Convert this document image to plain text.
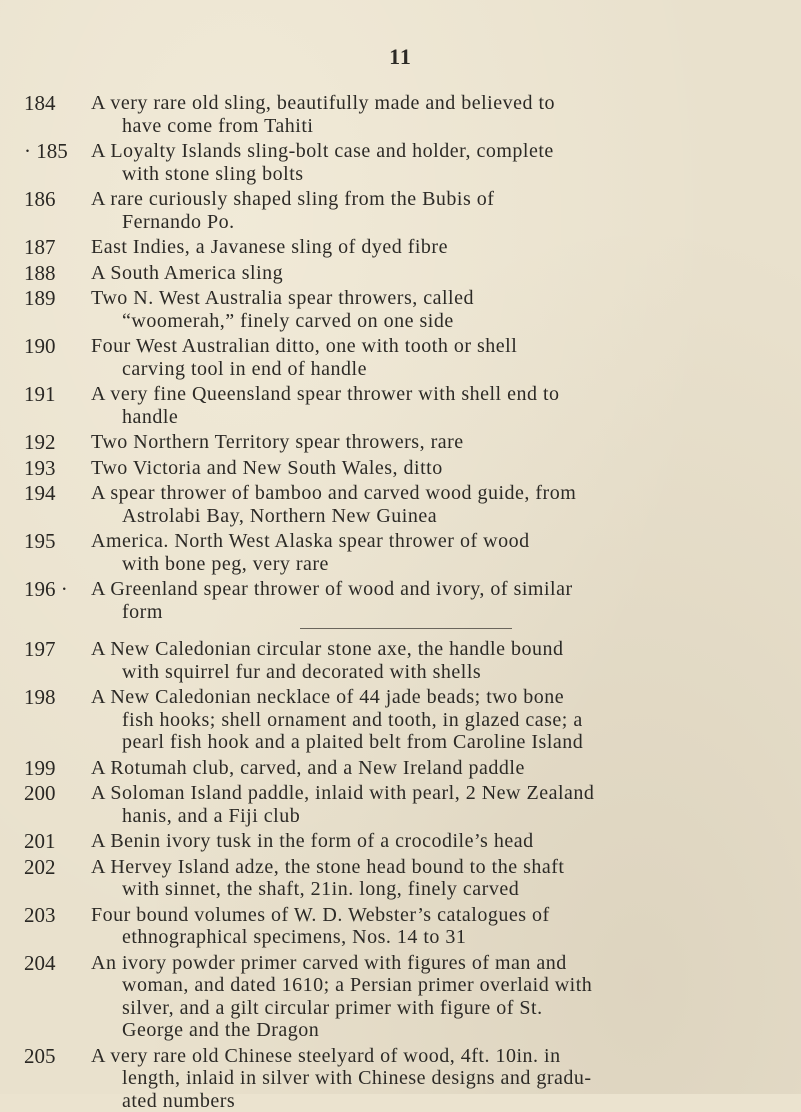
11
184	A very rare old sling, beautifully made and believed to
have come from Tahiti
· 185	A Loyalty Islands sling-bolt case and holder, complete
with stone sling bolts
186	A rare curiously shaped sling from the Bubis of
Fernando Po.
187	East Indies, a Javanese sling of dyed fibre
188	A South America sling
189	Two N. West Australia spear throwers, called
“woomerah,” finely carved on one side
190	Four West Australian ditto, one with tooth or shell
carving tool in end of handle
191	A very fine Queensland spear thrower with shell end to
handle
192	Two Northern Territory spear throwers, rare
193	Two Victoria and New South Wales, ditto
194	A spear thrower of bamboo and carved wood guide, from
Astrolabi Bay, Northern New Guinea
195	America. North West Alaska spear thrower of wood
with bone peg, very rare
196 ·	A Greenland spear thrower of wood and ivory, of similar
form
197	A New Caledonian circular stone axe, the handle bound
with squirrel fur and decorated with shells
198	A New Caledonian necklace of 44 jade beads; two bone
fish hooks; shell ornament and tooth, in glazed case; a
pearl fish hook and a plaited belt from Caroline Island
199	A Rotumah club, carved, and a New Ireland paddle
200	A Soloman Island paddle, inlaid with pearl, 2 New Zealand
hanis, and a Fiji club
201	A Benin ivory tusk in the form of a crocodile’s head
202	A Hervey Island adze, the stone head bound to the shaft
with sinnet, the shaft, 21in. long, finely carved
203	Four bound volumes of W. D. Webster’s catalogues of
ethnographical specimens, Nos. 14 to 31
204	An ivory powder primer carved with figures of man and
woman, and dated 1610; a Persian primer overlaid with
silver, and a gilt circular primer with figure of St.
George and the Dragon
205	A very rare old Chinese steelyard of wood, 4ft. 10in. in
length, inlaid in silver with Chinese designs and gradu-
ated numbers
